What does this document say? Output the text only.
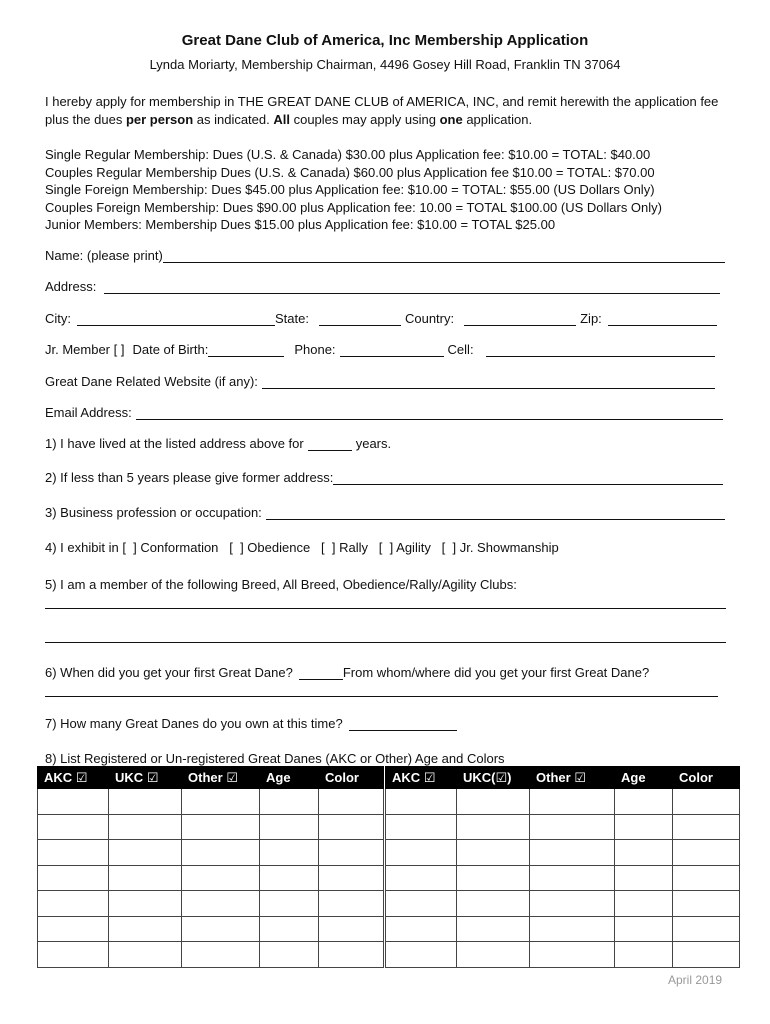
Great Dane Club of America, Inc Membership Application
Lynda Moriarty, Membership Chairman, 4496 Gosey Hill Road, Franklin TN 37064
I hereby apply for membership in THE GREAT DANE CLUB of AMERICA, INC, and remit herewith the application fee plus the dues per person as indicated. All couples may apply using one application.
Single Regular Membership: Dues (U.S. & Canada) $30.00 plus Application fee: $10.00 = TOTAL: $40.00
Couples Regular Membership Dues (U.S. & Canada) $60.00 plus Application fee $10.00 = TOTAL: $70.00
Single Foreign Membership: Dues $45.00 plus Application fee: $10.00 = TOTAL: $55.00 (US Dollars Only)
Couples Foreign Membership: Dues $90.00 plus Application fee: 10.00 = TOTAL $100.00 (US Dollars Only)
Junior Members: Membership Dues $15.00 plus Application fee: $10.00 = TOTAL $25.00
Name: (please print)
Address:
City:	State:	Country:	Zip:
Jr. Member [ ] Date of Birth:	Phone:	Cell:
Great Dane Related Website (if any):
Email Address:
1) I have lived at the listed address above for	years.
2) If less than 5 years please give former address:
3) Business profession or occupation:
4) I exhibit in [  ] Conformation   [  ] Obedience   [  ] Rally   [  ] Agility   [  ] Jr. Showmanship
5) I am a member of the following Breed, All Breed, Obedience/Rally/Agility Clubs:
6) When did you get your first Great Dane?	From whom/where did you get your first Great Dane?
7) How many Great Danes do you own at this time?
8) List Registered or Un-registered Great Danes (AKC or Other) Age and Colors
AKC ☑	UKC ☑	Other ☑	Age	Color

					AKC ☑	UKC(☑)	Other ☑	Age	Color

April 2019
